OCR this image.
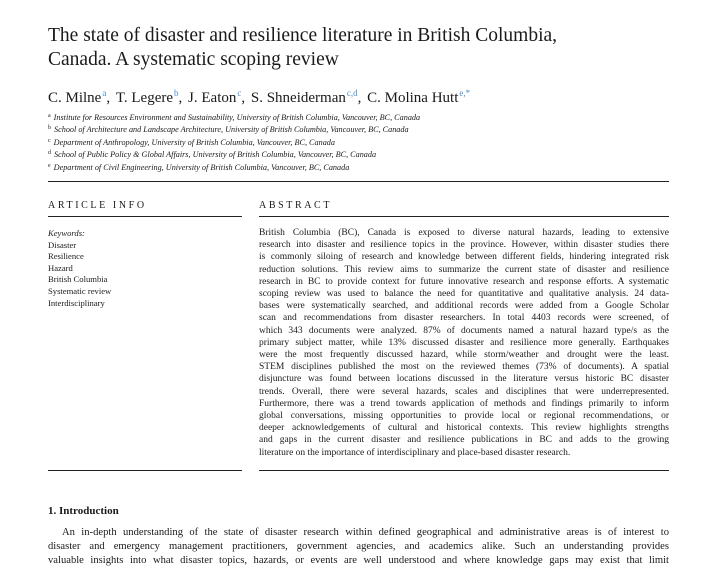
The state of disaster and resilience literature in British Columbia,
Canada. A systematic scoping review
C. Milne$^a$, T. Legere$^b$, J. Eaton$^c$, S. Shneiderman$^{c,d}$, C. Molina Hutt$^{e,*}$
$^a$ Institute for Resources Environment and Sustainability, University of British Columbia, Vancouver, BC, Canada
$^b$ School of Architecture and Landscape Architecture, University of British Columbia, Vancouver, BC, Canada
$^c$ Department of Anthropology, University of British Columbia, Vancouver, BC, Canada
$^d$ School of Public Policy & Global Affairs, University of British Columbia, Vancouver, BC, Canada
$^e$ Department of Civil Engineering, University of British Columbia, Vancouver, BC, Canada
ARTICLE INFO	ABSTRACT
Keywords:
Disaster
Resilience
Hazard
British Columbia
Systematic review
Interdisciplinary
British Columbia (BC), Canada is exposed to diverse natural hazards, leading to extensive
research into disaster and resilience topics in the province. However, within disaster studies there
is commonly siloing of research and knowledge between different fields, hindering integrated risk
reduction solutions. This review aims to summarize the current state of disaster and resilience
research in BC to provide context for future innovative research and response efforts. A systematic
scoping review was used to balance the need for quantitative and qualitative analysis. 24 data-
bases were systematically searched, and additional records were added from a Google Scholar
scan and recommendations from disaster researchers. In total 4403 records were screened, of
which 343 documents were analyzed. 87% of documents named a natural hazard type/s as the
primary subject matter, while 13% discussed disaster and resilience more generally. Earthquakes
were the most frequently discussed hazard, while storm/weather and drought were the least.
STEM disciplines published the most on the reviewed themes (73% of documents). A spatial
disjuncture was found between locations discussed in the literature versus historic BC disaster
trends. Overall, there were several hazards, scales and disciplines that were underrepresented.
Furthermore, there was a trend towards application of methods and findings primarily to inform
global conversations, missing opportunities to provide local or regional recommendations, or
deeper acknowledgements of cultural and historical contexts. This review highlights strengths
and gaps in the current disaster and resilience publications in BC and adds to the growing
literature on the importance of interdisciplinary and place-based disaster research.
1. Introduction
An in-depth understanding of the state of disaster research within defined geographical and administrative areas is of interest to
disaster and emergency management practitioners, government agencies, and academics alike. Such an understanding provides
valuable insights into what disaster topics, hazards, or events are well understood and where knowledge gaps may exist that limit
